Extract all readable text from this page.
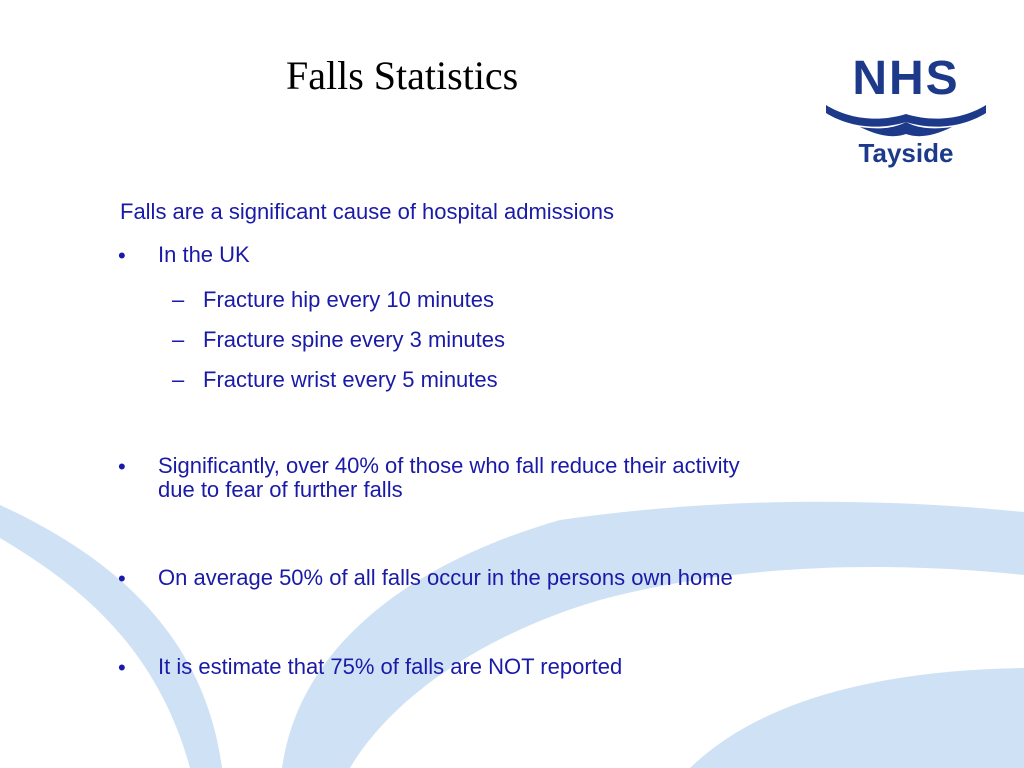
Falls Statistics	NHS
Tayside
Falls are a significant cause of hospital admissions
• In the UK
– Fracture hip every 10 minutes
– Fracture spine every 3 minutes
– Fracture wrist every 5 minutes
• Significantly, over 40% of those who fall reduce their activity
due to fear of further falls
• On average 50% of all falls occur in the persons own home
• It is estimate that 75% of falls are NOT reported
